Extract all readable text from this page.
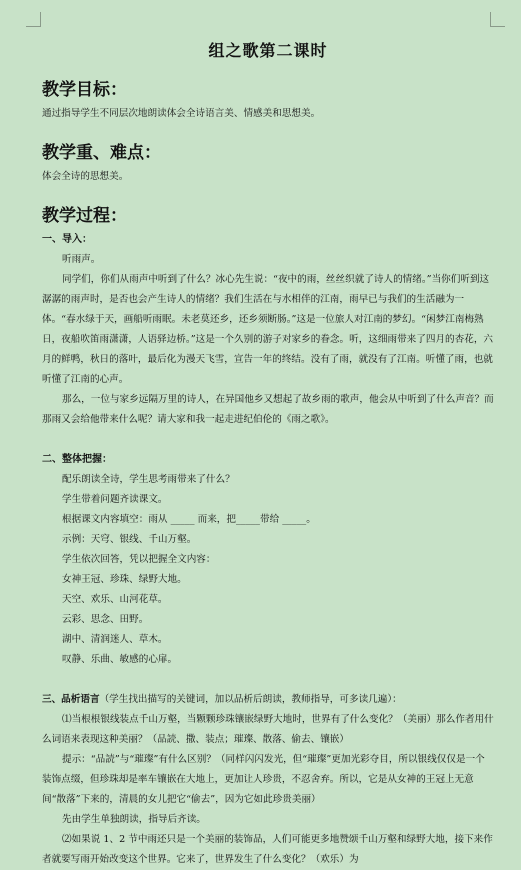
组之歌第二课时
教学目标：

通过指导学生不同层次地朗读体会全诗语言美、情感美和思想美。

教学重、难点：

体会全诗的思想美。

教学过程：
一、导入：

听雨声。

同学们，你们从雨声中听到了什么？冰心先生说：“夜中的雨，丝丝织就了诗人的情绪。”当你们听到这潺潺的雨声时，是否也会产生诗人的情绪？我们生活在与水相伴的江南，雨早已与我们的生活融为一体。“春水绿于天，画船听雨眠。未老莫还乡，还乡须断肠。”这是一位旅人对江南的梦幻。“闲梦江南梅熟日，夜船吹笛雨潇潇，人语驿边桥。”这是一个久别的游子对家乡的眷念。听，这细雨带来了四月的杏花，六月的鲜鸭，秋日的落叶，最后化为漫天飞雪，宣告一年的终结。没有了雨，就没有了江南。听懂了雨，也就听懂了江南的心声。

那么，一位与家乡远隔万里的诗人，在异国他乡又想起了故乡雨的歌声，他会从中听到了什么声音？而那雨又会给他带来什么呢？请大家和我一起走进纪伯伦的《雨之歌》。

二、整体把握：

配乐朗读全诗，学生思考雨带来了什么？

学生带着问题齐读课文。

根据课文内容填空：雨从 _____ 而来，把_____带给 _____。

示例：天穹、银线、千山万壑。

学生依次回答，凭以把握全文内容：

女神王冠、珍珠、绿野大地。

天空、欢乐、山河花草。

云彩、思念、田野。

湖中、清润迷人、草木。

叹静、乐曲、敏感的心扉。

三、品析语言（学生找出描写的关键词，加以品析后朗读，教师指导，可多读几遍）：

⑴当根根银线装点千山万壑，当颗颗珍珠镶嵌绿野大地时，世界有了什么变化？（美丽）那么作者用什么词语来表现这种美丽？（品読、撒、装点；璀璨、散落、偷去、镶嵌）

提示：“品読”与“璀璨”有什么区别？（同样闪闪发光，但“璀璨”更加光彩夺目，所以银线仅仅是一个装饰点缀，但珍珠却是率车镶嵌在大地上，更加让人珍贵，不忍舍弃。所以，它是从女神的王冠上无意间“散落”下来的，清晨的女儿把它“偷去”，因为它如此珍贵美丽）

先由学生单独朗读，指导后齐读。

⑵如果说 1、2 节中雨还只是一个美丽的装饰品，人们可能更多地赞颂千山万壑和绿野大地，接下来作者就要写雨开始改变这个世界。它来了，世界发生了什么变化？（欢乐）为
